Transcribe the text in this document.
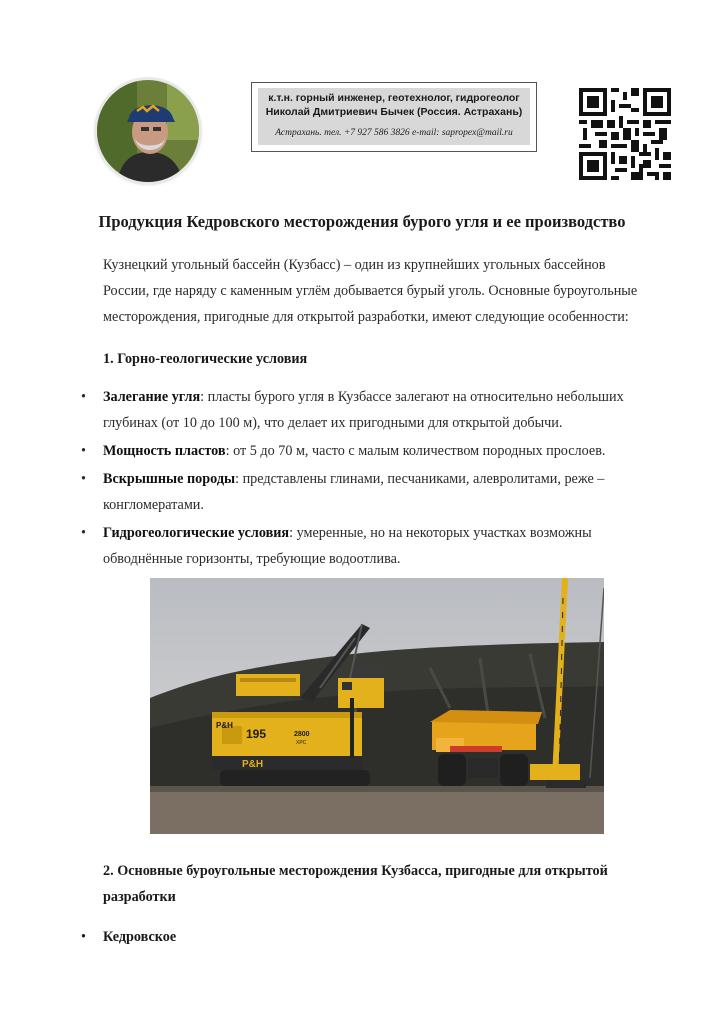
к.т.н. горный инженер, геотехнолог, гидрогеолог
Николай Дмитриевич Бычек (Россия. Астрахань)
Астрахань. тел. +7 927 586 3826 e-mail: sapropex@mail.ru
Продукция Кедровского месторождения бурого угля и ее производство

Кузнецкий угольный бассейн (Кузбасс) – один из крупнейших угольных бассейнов

России, где наряду с каменным углём добывается бурый уголь. Основные буроугольные

месторождения, пригодные для открытой разработки, имеют следующие особенности:

1. Горно-геологические условия
• Залегание угля: пласты бурого угля в Кузбассе залегают на относительно небольших глубинах (от 10 до 100 м), что делает их пригодными для открытой добычи.
• Мощность пластов: от 5 до 70 м, часто с малым количеством породных прослоев.
• Вскрышные породы: представлены глинами, песчаниками, алевролитами, реже – конгломератами.
• Гидрогеологические условия: умеренные, но на некоторых участках возможны обводнённые горизонты, требующие водоотлива.
195	2800
XPC
P&H
P&H
2. Основные буроугольные месторождения Кузбасса, пригодные для открытой разработки
• Кедровское
